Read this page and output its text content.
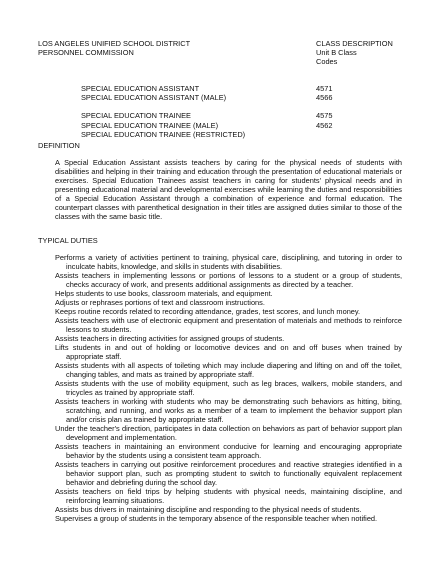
LOS ANGELES UNIFIED SCHOOL DISTRICT
PERSONNEL COMMISSION
CLASS DESCRIPTION
Unit B Class
Codes
SPECIAL EDUCATION ASSISTANT	4571
SPECIAL EDUCATION ASSISTANT (MALE)	4566
SPECIAL EDUCATION TRAINEE	4575
SPECIAL EDUCATION TRAINEE (MALE)	4562
SPECIAL EDUCATION TRAINEE (RESTRICTED)
DEFINITION
A Special Education Assistant assists teachers by caring for the physical needs of students with disabilities and helping in their training and education through the presentation of educational materials or exercises. Special Education Trainees assist teachers in caring for students' physical needs and in presenting educational material and developmental exercises while learning the duties and responsibilities of a Special Education Assistant through a combination of experience and formal education. The counterpart classes with parenthetical designation in their titles are assigned duties similar to those of the classes with the same basic title.
TYPICAL DUTIES
Performs a variety of activities pertinent to training, physical care, disciplining, and tutoring in order to inculcate habits, knowledge, and skills in students with disabilities.
Assists teachers in implementing lessons or portions of lessons to a student or a group of students, checks accuracy of work, and presents additional assignments as directed by a teacher.
Helps students to use books, classroom materials, and equipment.
Adjusts or rephrases portions of text and classroom instructions.
Keeps routine records related to recording attendance, grades, test scores, and lunch money.
Assists teachers with use of electronic equipment and presentation of materials and methods to reinforce lessons to students.
Assists teachers in directing activities for assigned groups of students.
Lifts students in and out of holding or locomotive devices and on and off buses when trained by appropriate staff.
Assists students with all aspects of toileting which may include diapering and lifting on and off the toilet, changing tables, and mats as trained by appropriate staff.
Assists students with the use of mobility equipment, such as leg braces, walkers, mobile standers, and tricycles as trained by appropriate staff.
Assists teachers in working with students who may be demonstrating such behaviors as hitting, biting, scratching, and running, and works as a member of a team to implement the behavior support plan and/or crisis plan as trained by appropriate staff.
Under the teacher's direction, participates in data collection on behaviors as part of behavior support plan development and implementation.
Assists teachers in maintaining an environment conducive for learning and encouraging appropriate behavior by the students using a consistent team approach.
Assists teachers in carrying out positive reinforcement procedures and reactive strategies identified in a behavior support plan, such as prompting student to switch to functionally equivalent replacement behavior and debriefing during the school day.
Assists teachers on field trips by helping students with physical needs, maintaining discipline, and reinforcing learning situations.
Assists bus drivers in maintaining discipline and responding to the physical needs of students.
Supervises a group of students in the temporary absence of the responsible teacher when notified.
